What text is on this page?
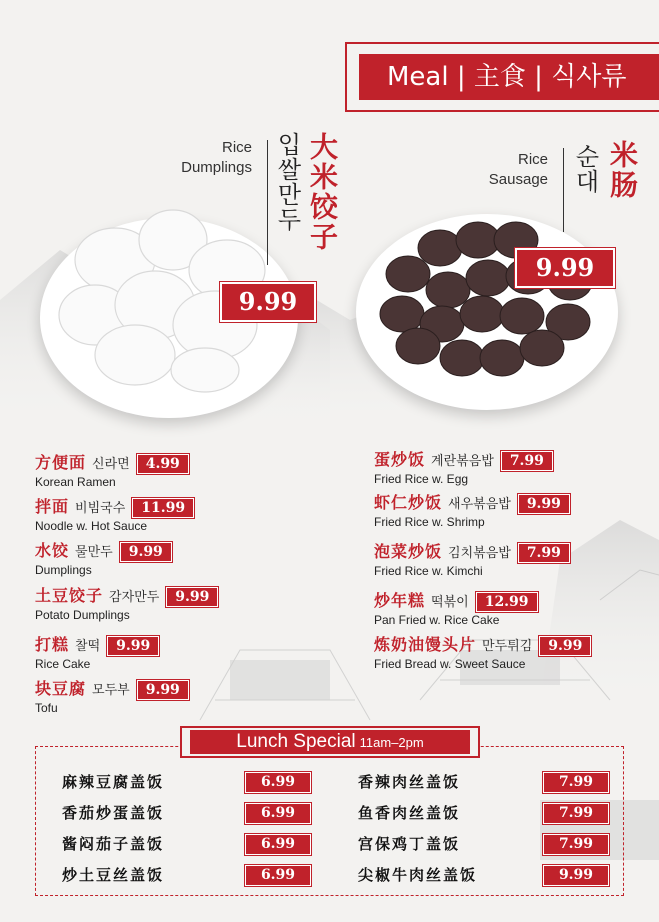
Meal | 主食 | 식사류
Rice
Dumplings 입쌀만두 大米饺子
9.99
Rice
Sausage 순대 米肠
9.99
方便面 신라면 4.99
Korean Ramen
拌面 비빔국수 11.99
Noodle w. Hot Sauce
水饺 물만두 9.99
Dumplings
土豆饺子 감자만두 9.99
Potato Dumplings
打糕 찰떡 9.99
Rice Cake
块豆腐 모두부 9.99
Tofu
蛋炒饭 계란볶음밥 7.99
Fried Rice w. Egg
虾仁炒饭 새우볶음밥 9.99
Fried Rice w. Shrimp
泡菜炒饭 김치볶음밥 7.99
Fried Rice w. Kimchi
炒年糕 떡볶이 12.99
Pan Fried w. Rice Cake
炼奶油馒头片 만두튀김 9.99
Fried Bread w. Sweet Sauce
Lunch Special 11am–2pm
麻辣豆腐盖饭	6.99
香茄炒蛋盖饭	6.99
酱闷茄子盖饭	6.99
炒土豆丝盖饭	6.99
香辣肉丝盖饭	7.99
鱼香肉丝盖饭	7.99
宫保鸡丁盖饭	7.99
尖椒牛肉丝盖饭	9.99
